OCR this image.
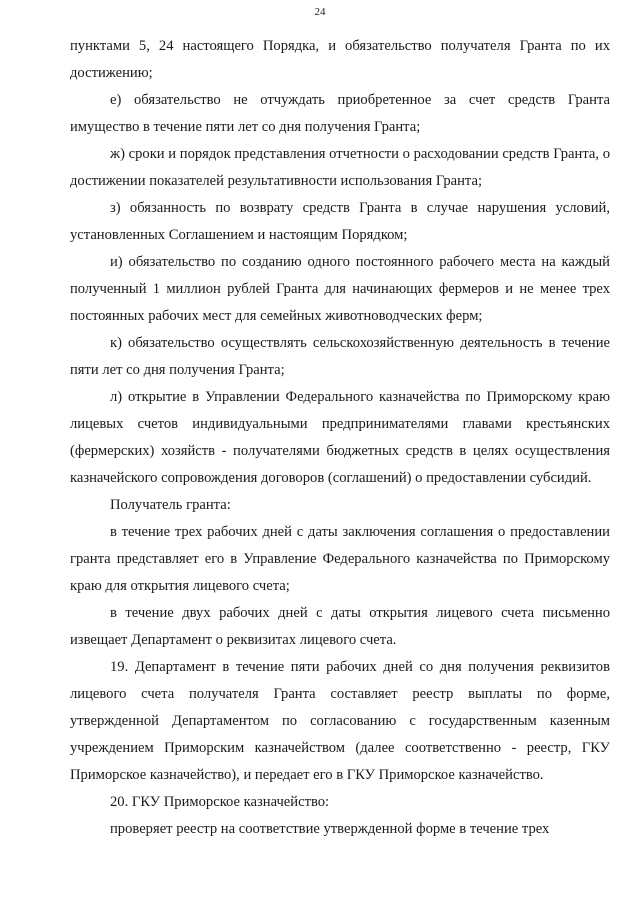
24

пунктами 5, 24 настоящего Порядка, и обязательство получателя Гранта по их достижению;

е) обязательство не отчуждать приобретенное за счет средств Гранта имущество в течение пяти лет со дня получения Гранта;

ж) сроки и порядок представления отчетности о расходовании средств Гранта, о достижении показателей результативности использования Гранта;

з) обязанность по возврату средств Гранта в случае нарушения условий, установленных Соглашением и настоящим Порядком;

и) обязательство по созданию одного постоянного рабочего места на каждый полученный 1 миллион рублей Гранта для начинающих фермеров и не менее трех постоянных рабочих мест для семейных животноводческих ферм;

к) обязательство осуществлять сельскохозяйственную деятельность в течение пяти лет со дня получения Гранта;

л) открытие в Управлении Федерального казначейства по Приморскому краю лицевых счетов индивидуальными предпринимателями главами крестьянских (фермерских) хозяйств - получателями бюджетных средств в целях осуществления казначейского сопровождения договоров (соглашений) о предоставлении субсидий.

Получатель гранта:

в течение трех рабочих дней с даты заключения соглашения о предоставлении гранта представляет его в Управление Федерального казначейства по Приморскому краю для открытия лицевого счета;

в течение двух рабочих дней с даты открытия лицевого счета письменно извещает Департамент о реквизитах лицевого счета.

19. Департамент в течение пяти рабочих дней со дня получения реквизитов лицевого счета получателя Гранта составляет реестр выплаты по форме, утвержденной Департаментом по согласованию с государственным казенным учреждением Приморским казначейством (далее соответственно - реестр, ГКУ Приморское казначейство), и передает его в ГКУ Приморское казначейство.

20. ГКУ Приморское казначейство:

проверяет реестр на соответствие утвержденной форме в течение трех
